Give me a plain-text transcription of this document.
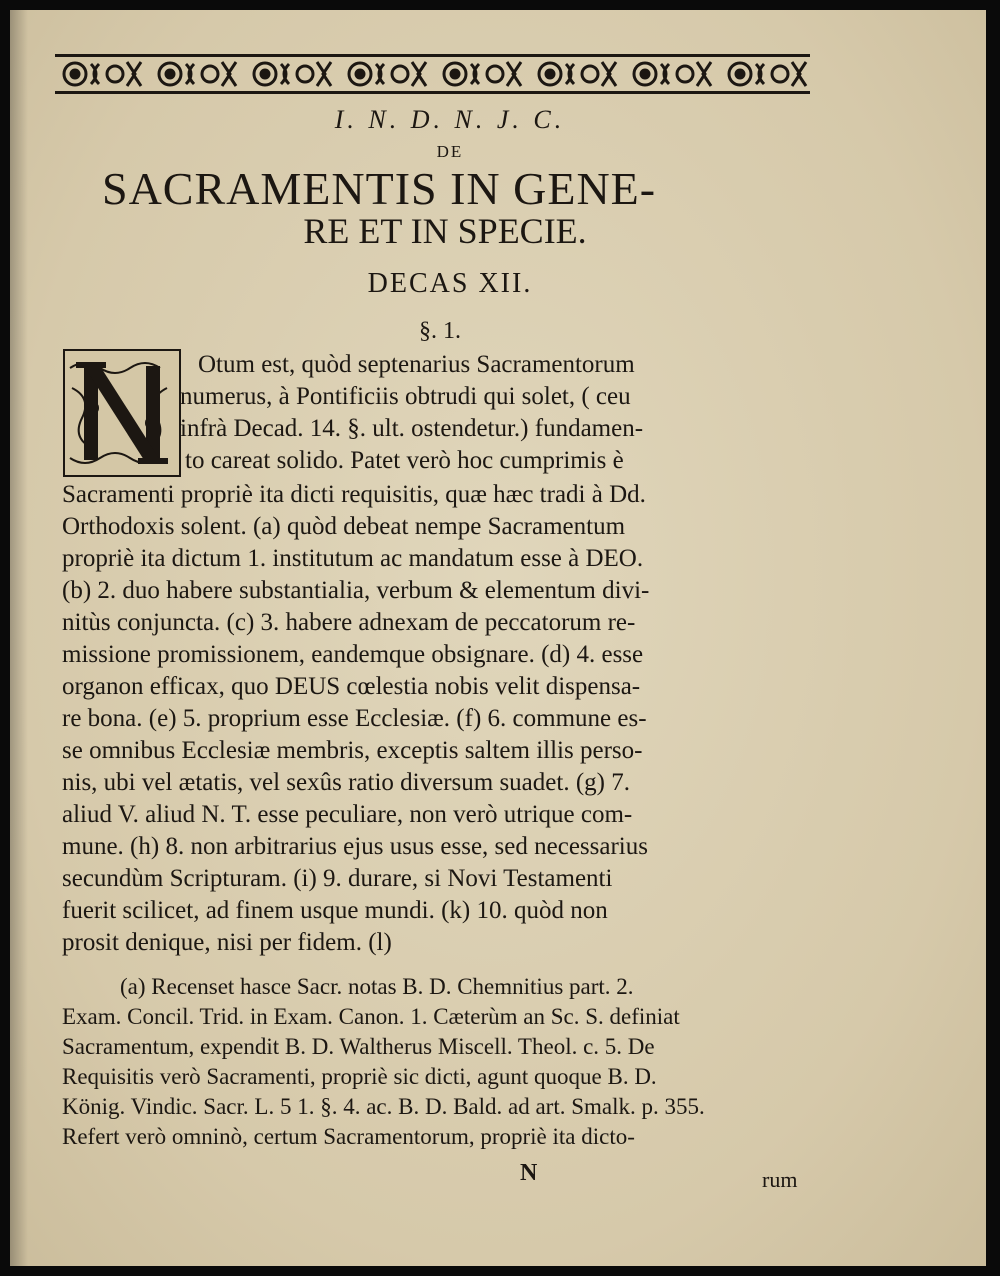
I. N. D. N. J. C.
DE
SACRAMENTIS IN GENE-
RE ET IN SPECIE.
DECAS XII.
§. 1.
Otum est, quòd septenarius Sacramentorum
numerus, à Pontificiis obtrudi qui solet, ( ceu
infrà Decad. 14. §. ult. ostendetur.) fundamen-
to careat solido. Patet verò hoc cumprimis è
Sacramenti propriè ita dicti requisitis, quæ hæc tradi à Dd.
Orthodoxis solent. (a) quòd debeat nempe Sacramentum
propriè ita dictum 1. institutum ac mandatum esse à DEO.
(b) 2. duo habere substantialia, verbum & elementum divi-
nitùs conjuncta. (c) 3. habere adnexam de peccatorum re-
missione promissionem, eandemque obsignare. (d) 4. esse
organon efficax, quo DEUS cœlestia nobis velit dispensa-
re bona. (e) 5. proprium esse Ecclesiæ. (f) 6. commune es-
se omnibus Ecclesiæ membris, exceptis saltem illis perso-
nis, ubi vel ætatis, vel sexûs ratio diversum suadet. (g) 7.
aliud V. aliud N. T. esse peculiare, non verò utrique com-
mune. (h) 8. non arbitrarius ejus usus esse, sed necessarius
secundùm Scripturam. (i) 9. durare, si Novi Testamenti
fuerit scilicet, ad finem usque mundi. (k) 10. quòd non
prosit denique, nisi per fidem. (l)
(a) Recenset hasce Sacr. notas B. D. Chemnitius part. 2.
Exam. Concil. Trid. in Exam. Canon. 1. Cæterùm an Sc. S. definiat
Sacramentum, expendit B. D. Waltherus Miscell. Theol. c. 5. De
Requisitis verò Sacramenti, propriè sic dicti, agunt quoque B. D.
König. Vindic. Sacr. L. 5 1. §. 4. ac. B. D. Bald. ad art. Smalk. p. 355.
Refert verò omninò, certum Sacramentorum, propriè ita dicto-
N	rum
